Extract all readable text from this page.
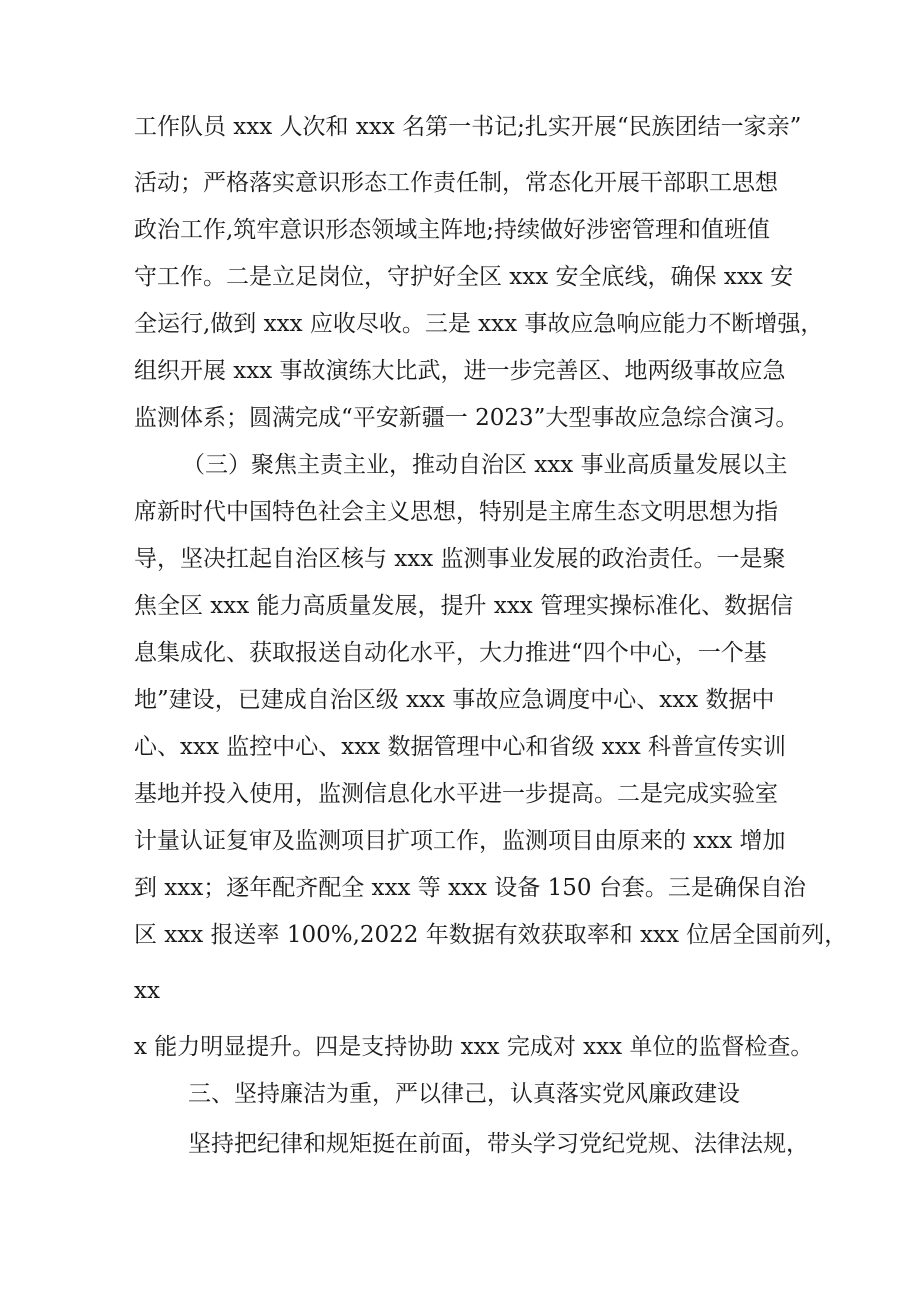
工作队员 xxx 人次和 xxx 名第一书记;扎实开展“民族团结一家亲”
活动；严格落实意识形态工作责任制，常态化开展干部职工思想
政治工作,筑牢意识形态领域主阵地;持续做好涉密管理和值班值
守工作。二是立足岗位，守护好全区 xxx 安全底线，确保 xxx 安
全运行,做到 xxx 应收尽收。三是 xxx 事故应急响应能力不断增强，
组织开展 xxx 事故演练大比武，进一步完善区、地两级事故应急
监测体系；圆满完成“平安新疆一 2023”大型事故应急综合演习。
（三）聚焦主责主业，推动自治区 xxx 事业高质量发展以主
席新时代中国特色社会主义思想，特别是主席生态文明思想为指
导，坚决扛起自治区核与 xxx 监测事业发展的政治责任。一是聚
焦全区 xxx 能力高质量发展，提升 xxx 管理实操标准化、数据信
息集成化、获取报送自动化水平，大力推进“四个中心，一个基
地”建设，已建成自治区级 xxx 事故应急调度中心、xxx 数据中
心、xxx 监控中心、xxx 数据管理中心和省级 xxx 科普宣传实训
基地并投入使用，监测信息化水平进一步提高。二是完成实验室
计量认证复审及监测项目扩项工作，监测项目由原来的 xxx 增加
到 xxx；逐年配齐配全 xxx 等 xxx 设备 150 台套。三是确保自治
区 xxx 报送率 100%,2022 年数据有效获取率和 xxx 位居全国前列，
xx
x 能力明显提升。四是支持协助 xxx 完成对 xxx 单位的监督检查。
三、坚持廉洁为重，严以律己，认真落实党风廉政建设
坚持把纪律和规矩挺在前面，带头学习党纪党规、法律法规，
